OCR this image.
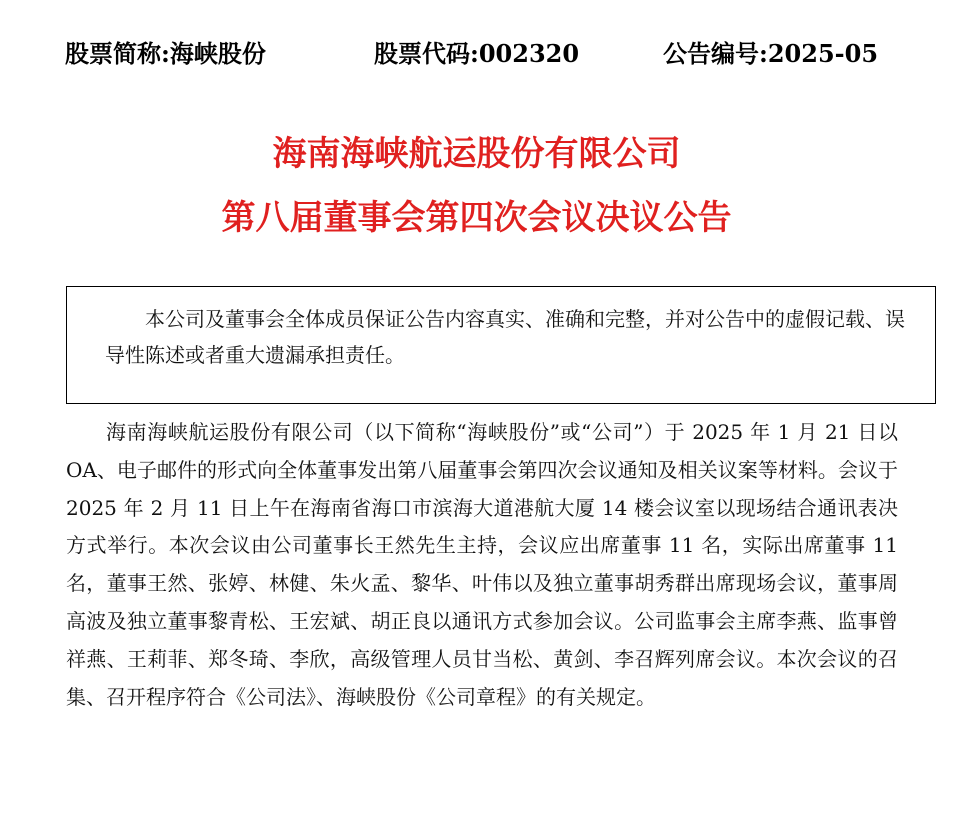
股票简称:海峡股份	股票代码:002320	公告编号:2025-05
海南海峡航运股份有限公司
第八届董事会第四次会议决议公告
本公司及董事会全体成员保证公告内容真实、准确和完整，并对公告中的虚假记载、误导性陈述或者重大遗漏承担责任。
海南海峡航运股份有限公司（以下简称“海峡股份”或“公司”）于 2025 年 1 月 21 日以 OA、电子邮件的形式向全体董事发出第八届董事会第四次会议通知及相关议案等材料。会议于 2025 年 2 月 11 日上午在海南省海口市滨海大道港航大厦 14 楼会议室以现场结合通讯表决方式举行。本次会议由公司董事长王然先生主持，会议应出席董事 11 名，实际出席董事 11 名，董事王然、张婷、林健、朱火孟、黎华、叶伟以及独立董事胡秀群出席现场会议，董事周高波及独立董事黎青松、王宏斌、胡正良以通讯方式参加会议。公司监事会主席李燕、监事曾祥燕、王莉菲、郑冬琦、李欣，高级管理人员甘当松、黄剑、李召辉列席会议。本次会议的召集、召开程序符合《公司法》、海峡股份《公司章程》的有关规定。
